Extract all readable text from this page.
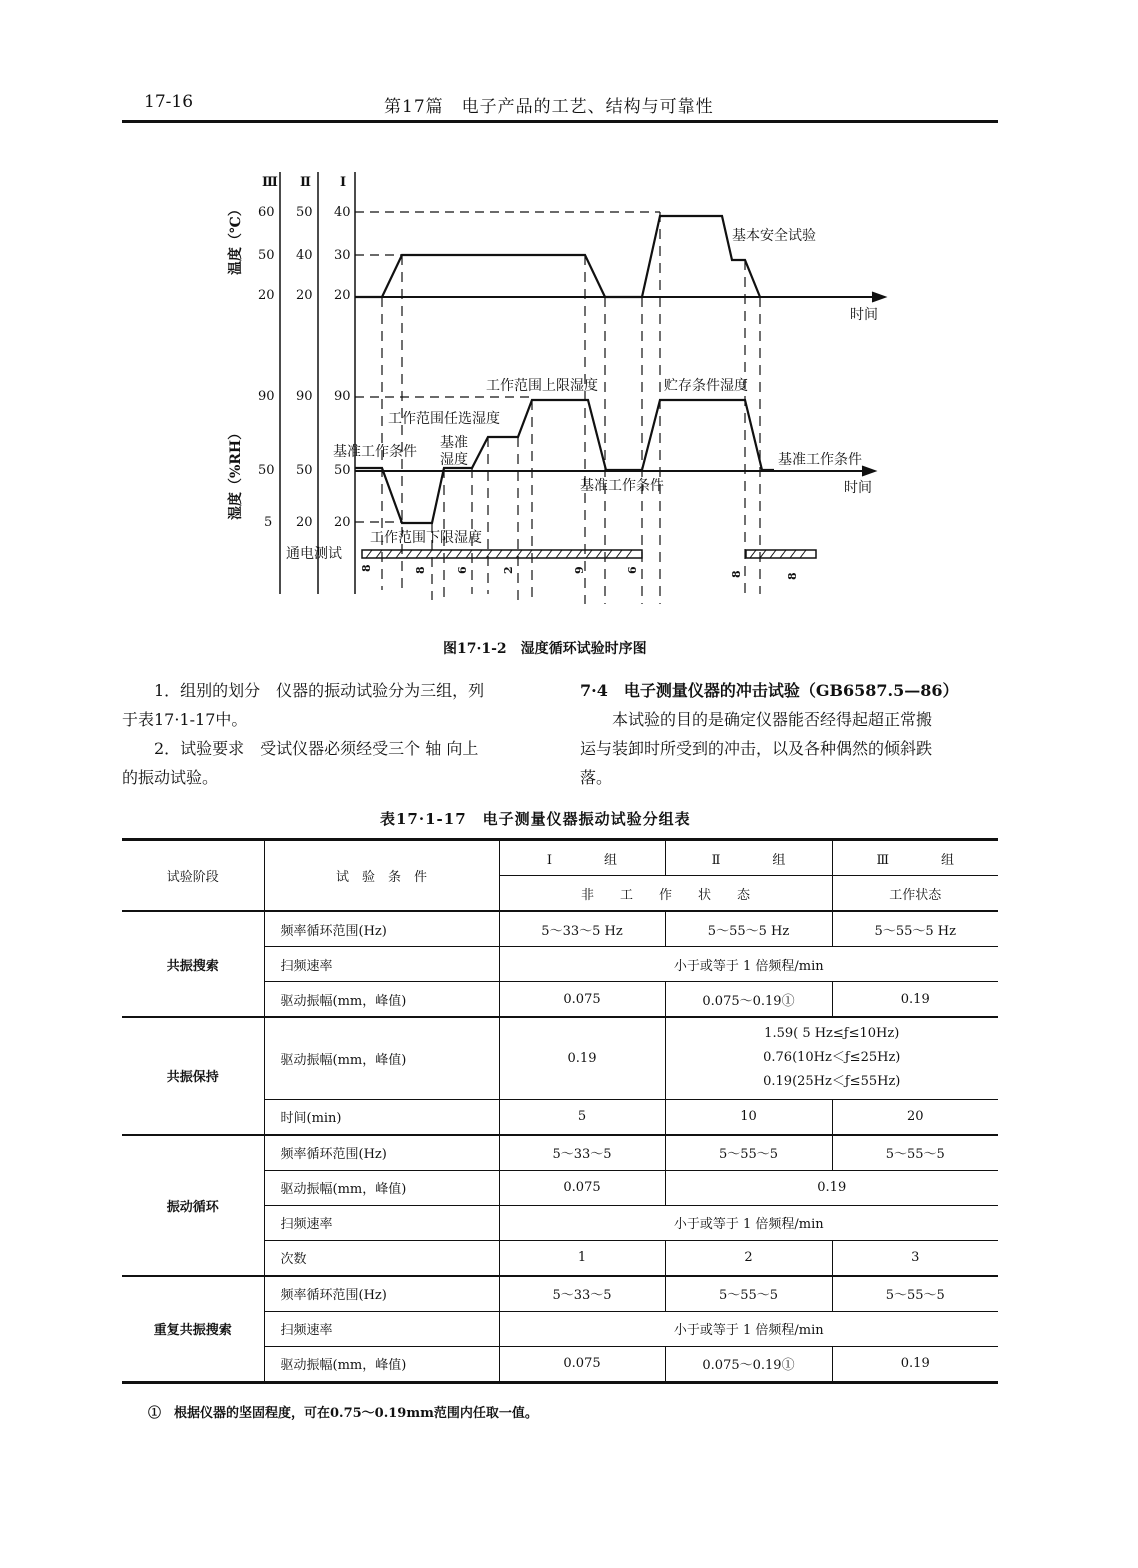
17-16	第17篇　电子产品的工艺、结构与可靠性
Ⅲ Ⅱ Ⅰ
60 50 40
50 40 30
20 20 20
90 90 90
50 50 50
5 20 20
温度（℃）
湿度（%RH）
时间
时间
基本安全试验
工作范围上限湿度	贮存条件湿度
工作范围任选湿度
基准工作条件
基准
湿度
基准工作条件
基准工作条件
工作范围下限湿度
通电测试
8	8	6	2	9	6
8	8
图17·1-2　湿度循环试验时序图
1．组别的划分　仪器的振动试验分为三组，列
于表17·1-17中。
2．试验要求　受试仪器必须经受三个 轴 向上
的振动试验。
7·4　电子测量仪器的冲击试验（GB6587.5—86）
本试验的目的是确定仪器能否经得起超正常搬
运与装卸时所受到的冲击，以及各种偶然的倾斜跌
落。
表17·1-17　电子测量仪器振动试验分组表
试验阶段	试　验　条　件	Ⅰ　　　　组	Ⅱ　　　　组	Ⅲ　　　　组
		非　　工　　作　　状　　态		工作状态
共振搜索	频率循环范围(Hz)	5～33～5 Hz	5～55～5 Hz	5～55～5 Hz
	扫频速率	小于或等于 1 倍频程/min		
	驱动振幅(mm，峰值)	0.075	0.075～0.19①	0.19
共振保持	驱动振幅(mm，峰值)	0.19	1.59( 5 Hz≤ƒ≤10Hz)
0.76(10Hz＜ƒ≤25Hz)
0.19(25Hz＜ƒ≤55Hz)	

	时间(min)	5	10	20
振动循环	频率循环范围(Hz)	5～33～5	5～55～5	5～55～5
	驱动振幅(mm，峰值)	0.075	0.19	
	扫频速率	小于或等于 1 倍频程/min		
	次数	1	2	3
重复共振搜索	频率循环范围(Hz)	5～33～5	5～55～5	5～55～5
	扫频速率	小于或等于 1 倍频程/min		
	驱动振幅(mm，峰值)	0.075	0.075～0.19①	0.19
①　根据仪器的坚固程度，可在0.75～0.19mm范围内任取一值。
